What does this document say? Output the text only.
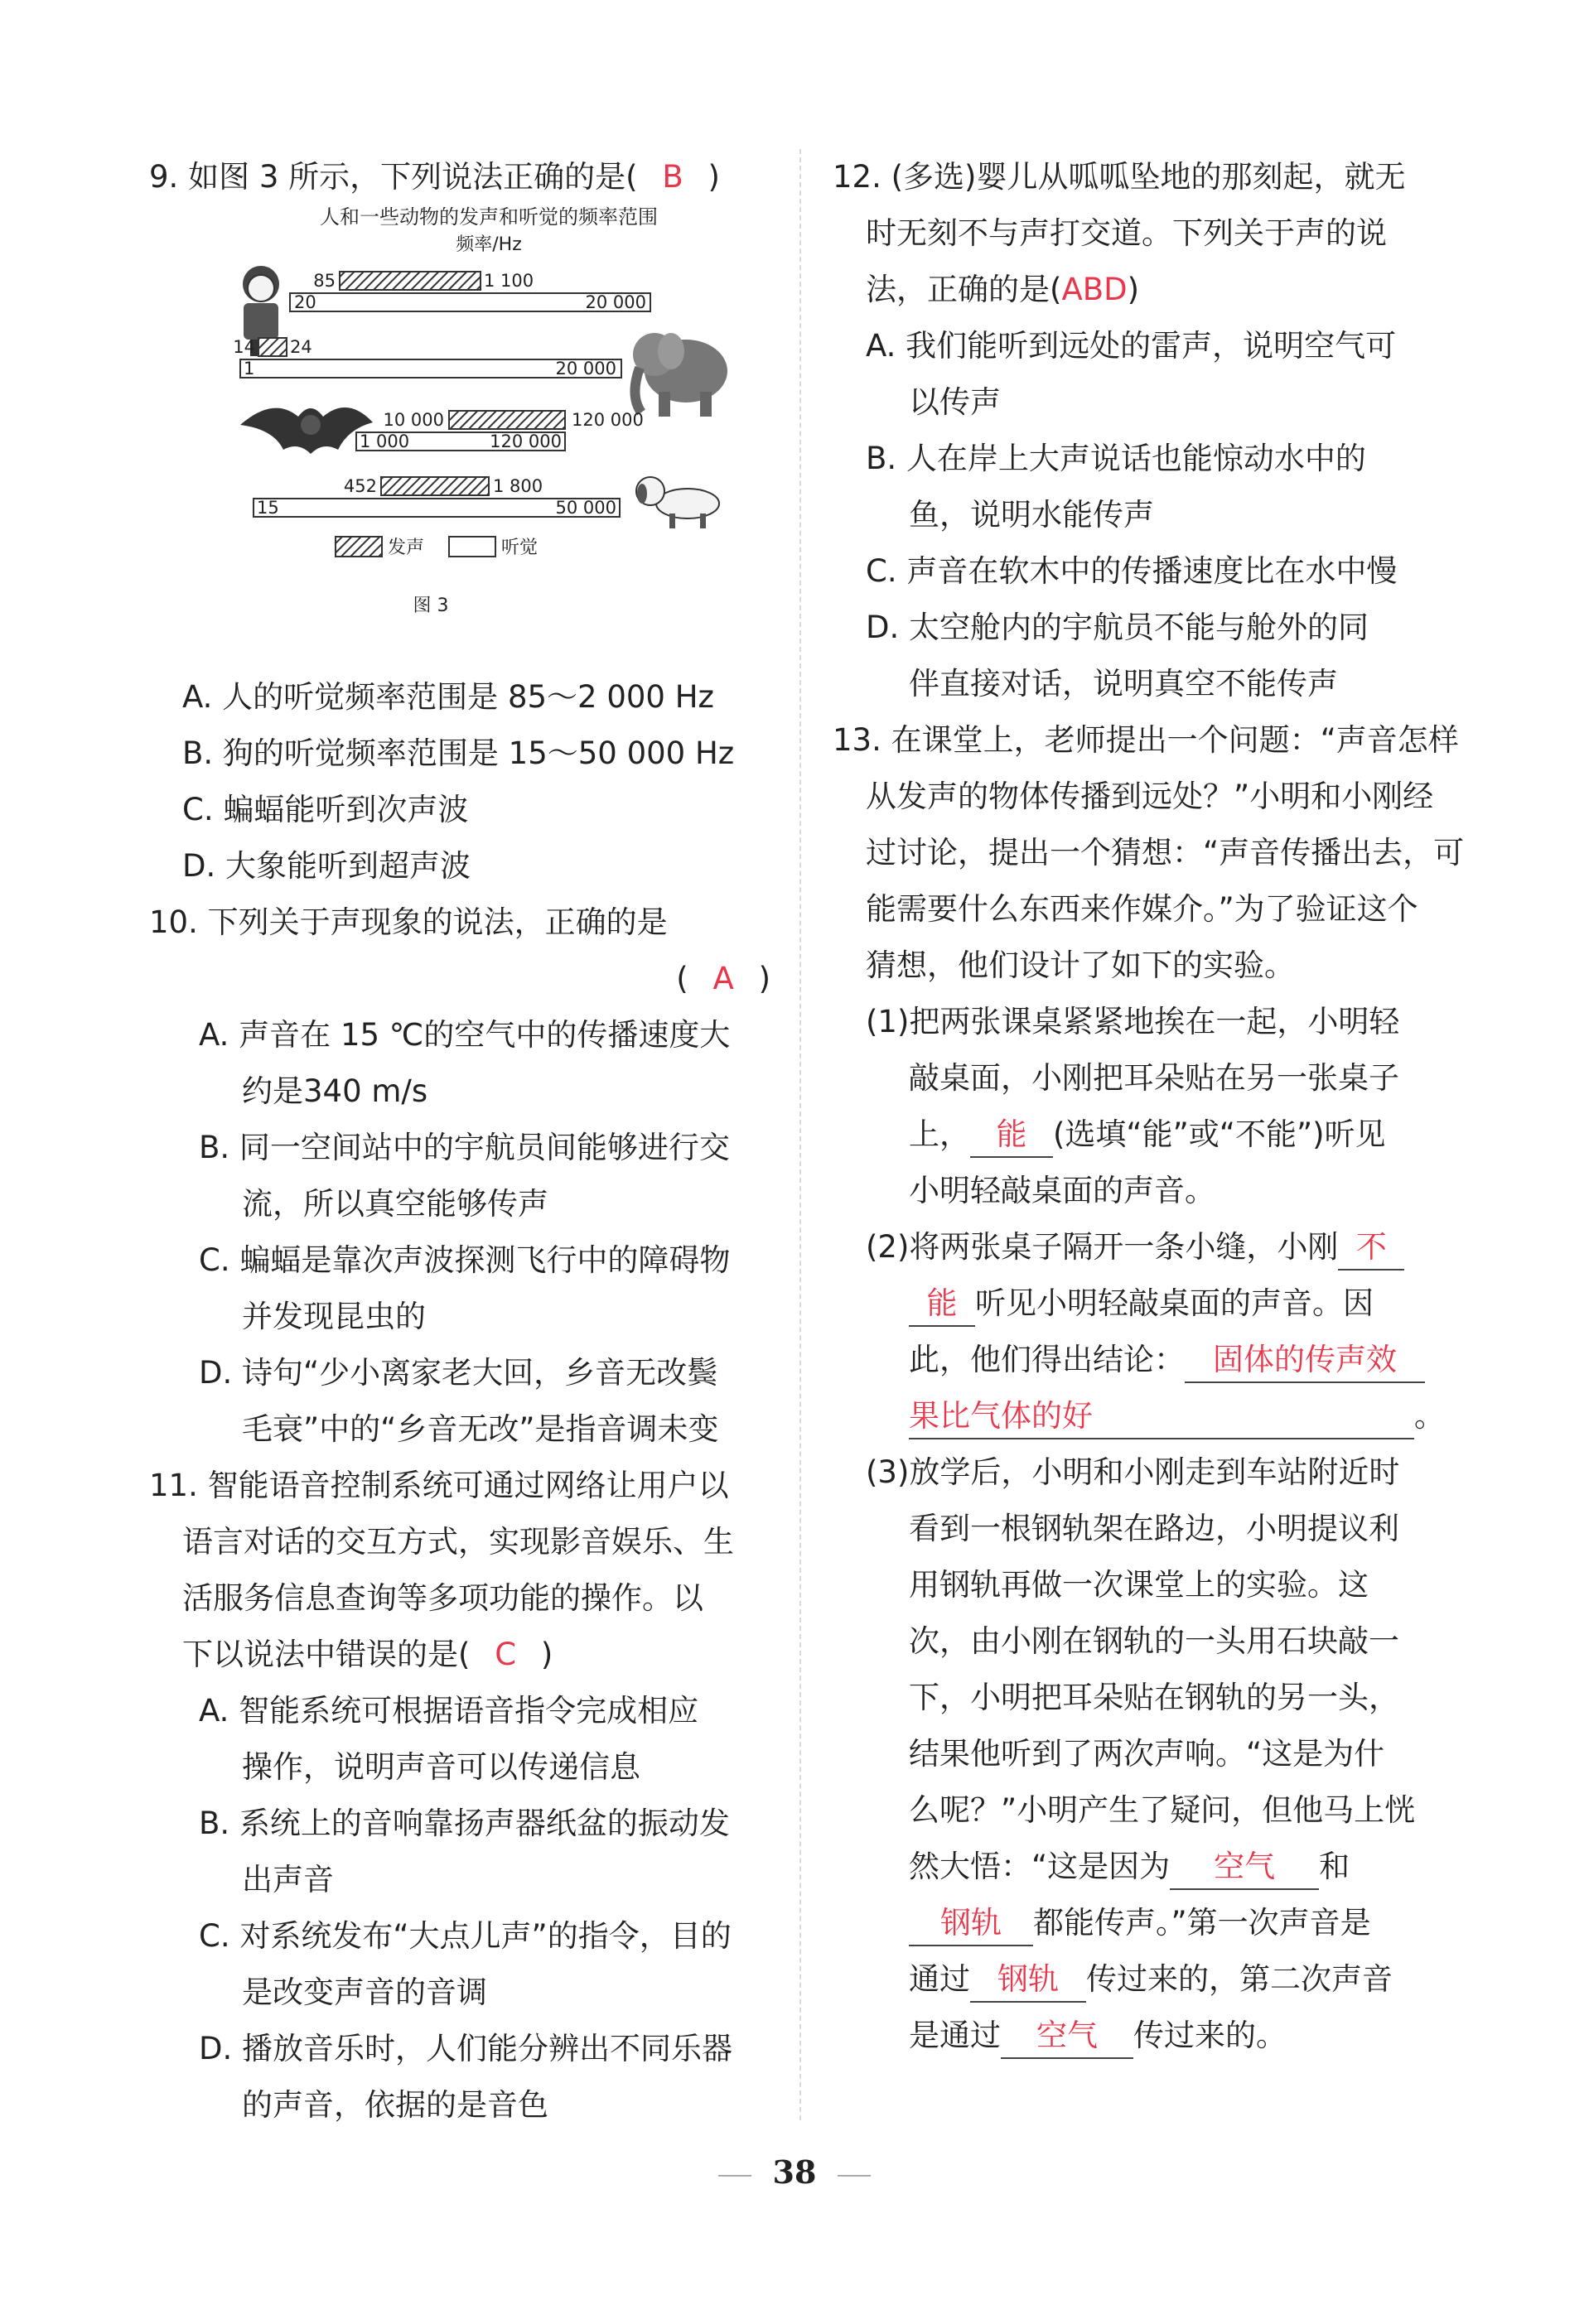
9. 如图 3 所示，下列说法正确的是( B )
人和一些动物的发声和听觉的频率范围
频率/Hz
85	1 100
20	20 000
14 24
1	20 000
10 000	120 000
1 000	120 000
452	1 800
15	50 000
发声	听觉
图 3
A. 人的听觉频率范围是 85～2 000 Hz
B. 狗的听觉频率范围是 15～50 000 Hz
C. 蝙蝠能听到次声波
D. 大象能听到超声波
10. 下列关于声现象的说法，正确的是
( A )
A. 声音在 15 ℃的空气中的传播速度大
约是340 m/s
B. 同一空间站中的宇航员间能够进行交
流，所以真空能够传声
C. 蝙蝠是靠次声波探测飞行中的障碍物
并发现昆虫的
D. 诗句“少小离家老大回，乡音无改鬓
毛衰”中的“乡音无改”是指音调未变
11. 智能语音控制系统可通过网络让用户以
语言对话的交互方式，实现影音娱乐、生
活服务信息查询等多项功能的操作。以
下以说法中错误的是( C )
A. 智能系统可根据语音指令完成相应
操作，说明声音可以传递信息
B. 系统上的音响靠扬声器纸盆的振动发
出声音
C. 对系统发布“大点儿声”的指令，目的
是改变声音的音调
D. 播放音乐时，人们能分辨出不同乐器
的声音，依据的是音色
12. (多选)婴儿从呱呱坠地的那刻起，就无
时无刻不与声打交道。下列关于声的说
法，正确的是(ABD)
A. 我们能听到远处的雷声，说明空气可
以传声
B. 人在岸上大声说话也能惊动水中的
鱼，说明水能传声
C. 声音在软木中的传播速度比在水中慢
D. 太空舱内的宇航员不能与舱外的同
伴直接对话，说明真空不能传声
13. 在课堂上，老师提出一个问题：“声音怎样
从发声的物体传播到远处？”小明和小刚经
过讨论，提出一个猜想：“声音传播出去，可
能需要什么东西来作媒介。”为了验证这个
猜想，他们设计了如下的实验。
(1)把两张课桌紧紧地挨在一起，小明轻
敲桌面，小刚把耳朵贴在另一张桌子
上， 能 (选填“能”或“不能”)听见
小明轻敲桌面的声音。
(2)将两张桌子隔开一条小缝，小刚 不
能 听见小明轻敲桌面的声音。因
此，他们得出结论： 固体的传声效
果比气体的好	。
(3)放学后，小明和小刚走到车站附近时
看到一根钢轨架在路边，小明提议利
用钢轨再做一次课堂上的实验。这
次，由小刚在钢轨的一头用石块敲一
下，小明把耳朵贴在钢轨的另一头，
结果他听到了两次声响。“这是为什
么呢？”小明产生了疑问，但他马上恍
然大悟：“这是因为 空气 和
钢轨 都能传声。”第一次声音是
通过 钢轨 传过来的，第二次声音
是通过 空气 传过来的。
38
